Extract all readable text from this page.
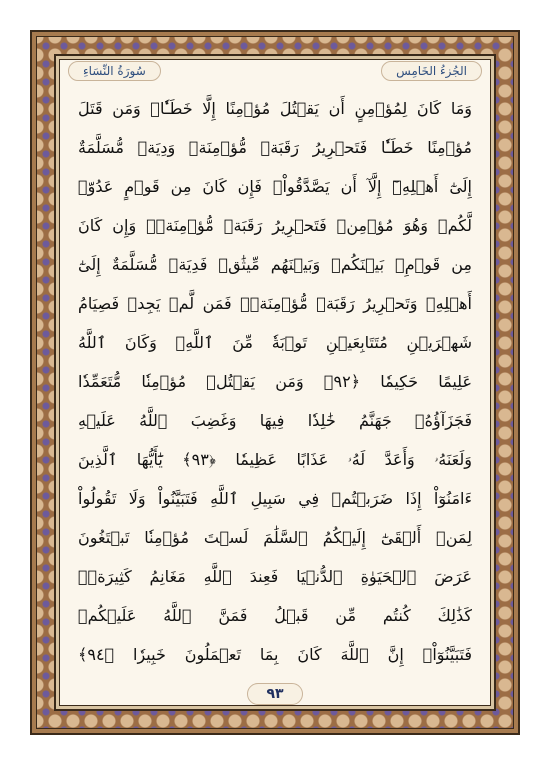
الجُزءُ الخَامِس
سُورَةُ النِّسَاءِ
وَمَا كَانَ لِمُؤۡمِنٍ أَن يَقۡتُلَ مُؤۡمِنًا إِلَّا خَطَـٔٗاۚ وَمَن قَتَلَ
مُؤۡمِنًا خَطَـٔٗا فَتَحۡرِيرُ رَقَبَةٖ مُّؤۡمِنَةٖ وَدِيَةٞ مُّسَلَّمَةٌ
إِلَىٰٓ أَهۡلِهِۦٓ إِلَّآ أَن يَصَّدَّقُواْۚ فَإِن كَانَ مِن قَوۡمٍ عَدُوّٖ
لَّكُمۡ وَهُوَ مُؤۡمِنٞ فَتَحۡرِيرُ رَقَبَةٖ مُّؤۡمِنَةٖۖ وَإِن كَانَ
مِن قَوۡمِۭ بَيۡنَكُمۡ وَبَيۡنَهُم مِّيثَٰقٞ فَدِيَةٞ مُّسَلَّمَةٌ إِلَىٰٓ
أَهۡلِهِۦ وَتَحۡرِيرُ رَقَبَةٖ مُّؤۡمِنَةٖۖ فَمَن لَّمۡ يَجِدۡ فَصِيَامُ
شَهۡرَيۡنِ مُتَتَابِعَيۡنِ تَوۡبَةٗ مِّنَ ٱللَّهِۗ وَكَانَ ٱللَّهُ
عَلِيمًا حَكِيمٗا ﴿٩٢﴾ وَمَن يَقۡتُلۡ مُؤۡمِنٗا مُّتَعَمِّدٗا
فَجَزَآؤُهُۥ جَهَنَّمُ خَٰلِدٗا فِيهَا وَغَضِبَ ٱللَّهُ عَلَيۡهِ
وَلَعَنَهُۥ وَأَعَدَّ لَهُۥ عَذَابًا عَظِيمٗا ﴿٩٣﴾ يَٰٓأَيُّهَا ٱلَّذِينَ
ءَامَنُوٓاْ إِذَا ضَرَبۡتُمۡ فِي سَبِيلِ ٱللَّهِ فَتَبَيَّنُواْ وَلَا تَقُولُواْ
لِمَنۡ أَلۡقَىٰٓ إِلَيۡكُمُ ٱلسَّلَٰمَ لَسۡتَ مُؤۡمِنٗا تَبۡتَغُونَ
عَرَضَ ٱلۡحَيَوٰةِ ٱلدُّنۡيَا فَعِندَ ٱللَّهِ مَغَانِمُ كَثِيرَةٞۚ
كَذَٰلِكَ كُنتُم مِّن قَبۡلُ فَمَنَّ ٱللَّهُ عَلَيۡكُمۡ
فَتَبَيَّنُوٓاْۚ إِنَّ ٱللَّهَ كَانَ بِمَا تَعۡمَلُونَ خَبِيرٗا ﴿٩٤﴾
٩٣
